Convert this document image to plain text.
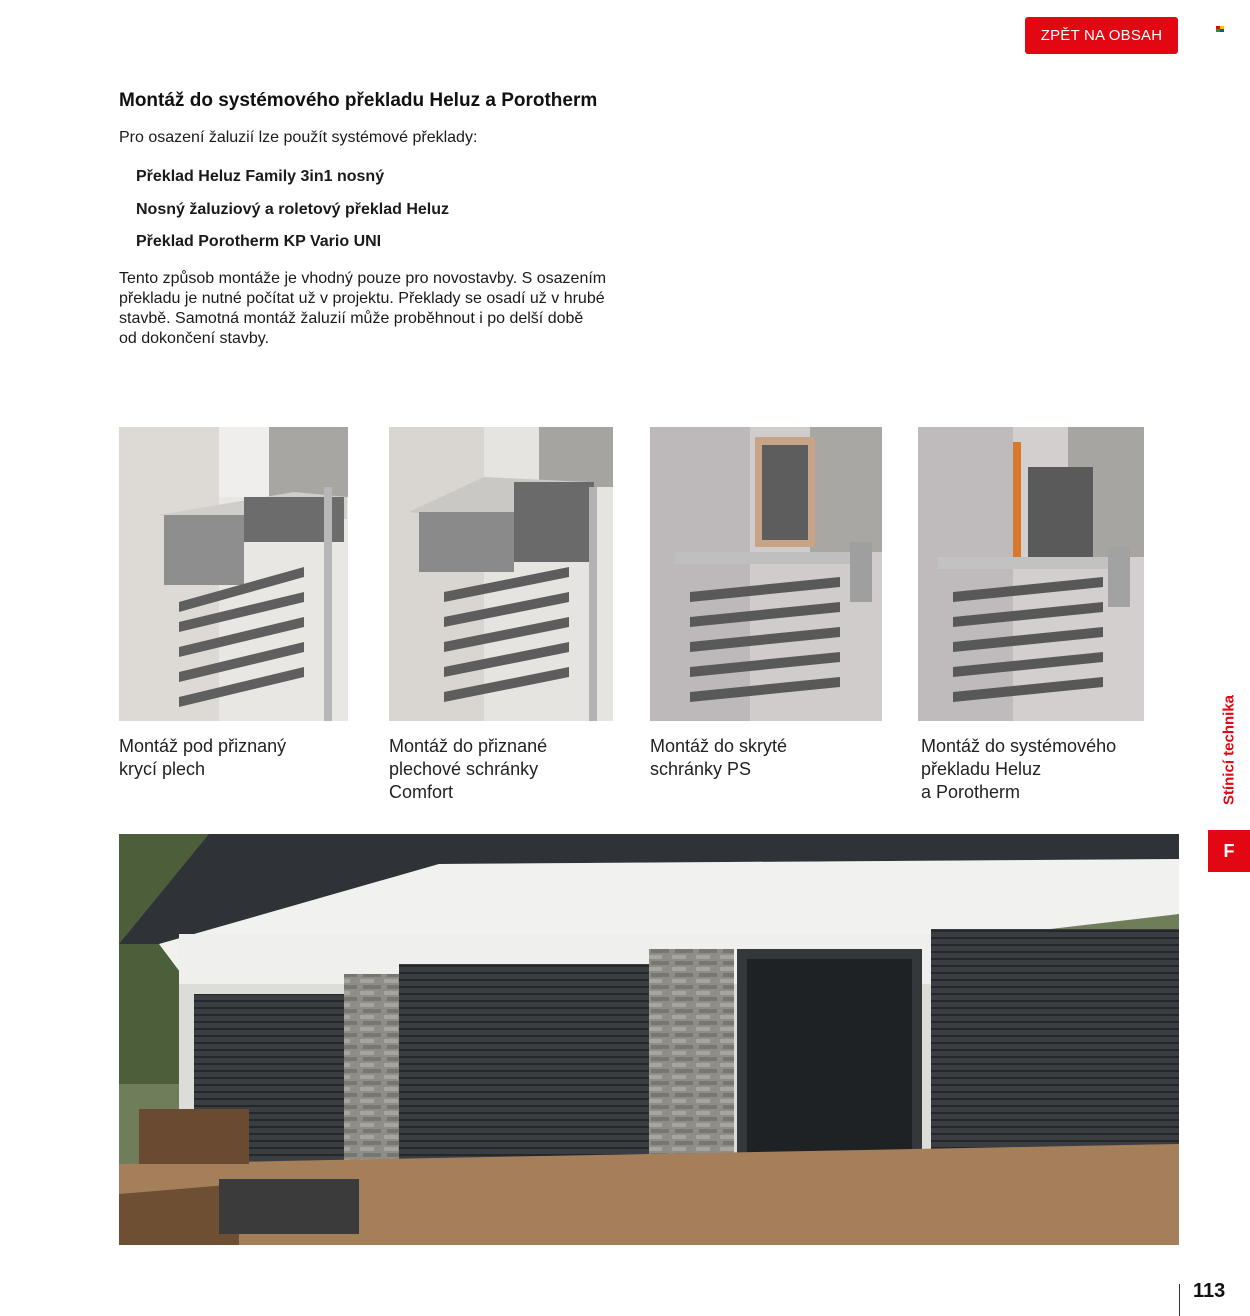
ZPĚT NA OBSAH
Montáž do systémového překladu Heluz a Porotherm

Pro osazení žaluzií lze použít systémové překlady:

Překlad Heluz Family 3in1 nosný
Nosný žaluziový a roletový překlad Heluz
Překlad Porotherm KP Vario UNI
Tento způsob montáže je vhodný pouze pro novostavby. S osazením
překladu je nutné počítat už v projektu. Překlady se osadí už v hrubé
stavbě. Samotná montáž žaluzií může proběhnout i po delší době
od dokončení stavby.
Montáž pod přiznaný
krycí plech
Montáž do přiznané
plechové schránky
Comfort
Montáž do skryté
schránky PS
Montáž do systémového
překladu Heluz
a Porotherm	Stínicí technika
F
113
